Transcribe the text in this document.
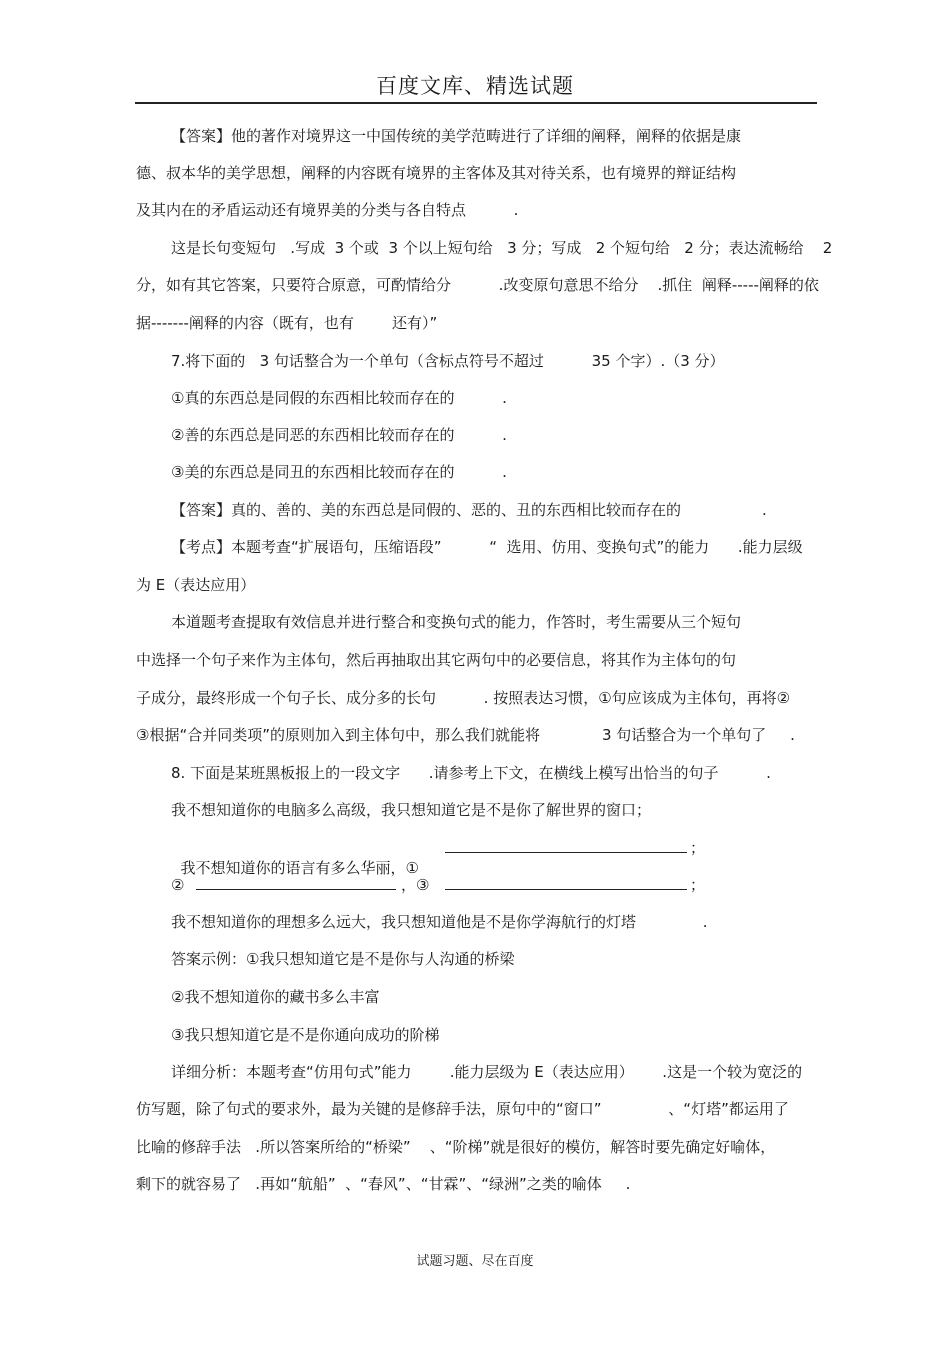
百度文库、精选试题
【答案】他的著作对境界这一中国传统的美学范畴进行了详细的阐释，阐释的依据是康
德、叔本华的美学思想，阐释的内容既有境界的主客体及其对待关系，也有境界的辩证结构
及其内在的矛盾运动还有境界美的分类与各自特点          .
这是长句变短句   .写成  3 个或  3 个以上短句给   3 分；写成   2 个短句给   2 分；表达流畅给    2
分，如有其它答案，只要符合原意，可酌情给分          .改变原句意思不给分    .抓住  阐释-----阐释的依
据-------阐释的内容（既有，也有        还有）”
7.将下面的   3 句话整合为一个单句（含标点符号不超过          35 个字）.（3 分）
①真的东西总是同假的东西相比较而存在的          .
②善的东西总是同恶的东西相比较而存在的          .
③美的东西总是同丑的东西相比较而存在的          .
【答案】真的、善的、美的东西总是同假的、恶的、丑的东西相比较而存在的                 .
【考点】本题考查“扩展语句，压缩语段”          “  选用、仿用、变换句式”的能力      .能力层级
为 E（表达应用）
本道题考查提取有效信息并进行整合和变换句式的能力，作答时，考生需要从三个短句
中选择一个句子来作为主体句，然后再抽取出其它两句中的必要信息，将其作为主体句的句
子成分，最终形成一个句子长、成分多的长句          . 按照表达习惯，①句应该成为主体句，再将②
③根据“合并同类项”的原则加入到主体句中，那么我们就能将             3 句话整合为一个单句了     .
8. 下面是某班黑板报上的一段文字      .请参考上下文，在横线上模写出恰当的句子          .
我不想知道你的电脑多么高级，我只想知道它是不是你了解世界的窗口；

我不想知道你的语言有多么华丽，①

；
②	，③	；
我不想知道你的理想多么远大，我只想知道他是不是你学海航行的灯塔              .
答案示例：①我只想知道它是不是你与人沟通的桥梁
②我不想知道你的藏书多么丰富
③我只想知道它是不是你通向成功的阶梯
详细分析：本题考查“仿用句式”能力        .能力层级为 E（表达应用）      .这是一个较为宽泛的
仿写题，除了句式的要求外，最为关键的是修辞手法，原句中的“窗口”              、“灯塔”都运用了
比喻的修辞手法   .所以答案所给的“桥梁”    、“阶梯”就是很好的模仿，解答时要先确定好喻体，
剩下的就容易了   .再如“航船”  、“春风”、“甘霖”、“绿洲”之类的喻体     .
试题习题、尽在百度
